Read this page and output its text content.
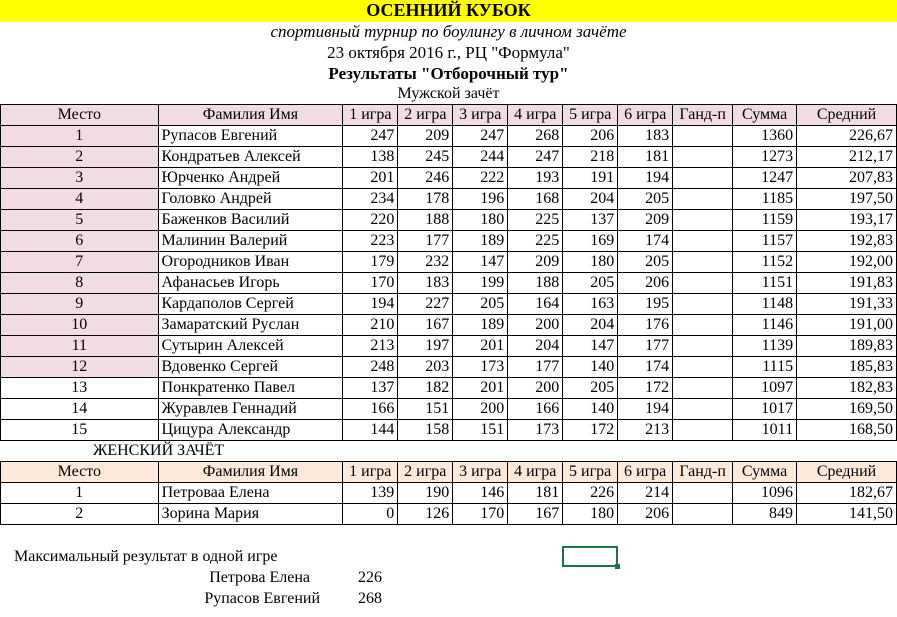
ОСЕННИЙ КУБОК
спортивный турнир по боулингу в личном зачёте
23 октября 2016 г., РЦ "Формула"
Результаты "Отборочный тур"
Мужской зачёт
Место	Фамилия Имя	1 игра	2 игра	3 игра	4 игра	5 игра	6 игра	Ганд-п	Сумма	Средний
1	Рупасов Евгений	247	209	247	268	206	183		1360	226,67
2	Кондратьев Алексей	138	245	244	247	218	181		1273	212,17
3	Юрченко Андрей	201	246	222	193	191	194		1247	207,83
4	Головко Андрей	234	178	196	168	204	205		1185	197,50
5	Баженков Василий	220	188	180	225	137	209		1159	193,17
6	Малинин Валерий	223	177	189	225	169	174		1157	192,83
7	Огородников Иван	179	232	147	209	180	205		1152	192,00
8	Афанасьев Игорь	170	183	199	188	205	206		1151	191,83
9	Кардаполов Сергей	194	227	205	164	163	195		1148	191,33
10	Замаратский Руслан	210	167	189	200	204	176		1146	191,00
11	Сутырин Алексей	213	197	201	204	147	177		1139	189,83
12	Вдовенко Сергей	248	203	173	177	140	174		1115	185,83
13	Понкратенко Павел	137	182	201	200	205	172		1097	182,83
14	Журавлев Геннадий	166	151	200	166	140	194		1017	169,50
15	Цицура Александр	144	158	151	173	172	213		1011	168,50
ЖЕНСКИЙ ЗАЧЁТ
Место	Фамилия Имя	1 игра	2 игра	3 игра	4 игра	5 игра	6 игра	Ганд-п	Сумма	Средний
1	Петроваа Елена	139	190	146	181	226	214		1096	182,67
2	Зорина Мария	0	126	170	167	180	206		849	141,50
Максимальный результат в одной игре
Петрова Елена	226
Рупасов Евгений 268
